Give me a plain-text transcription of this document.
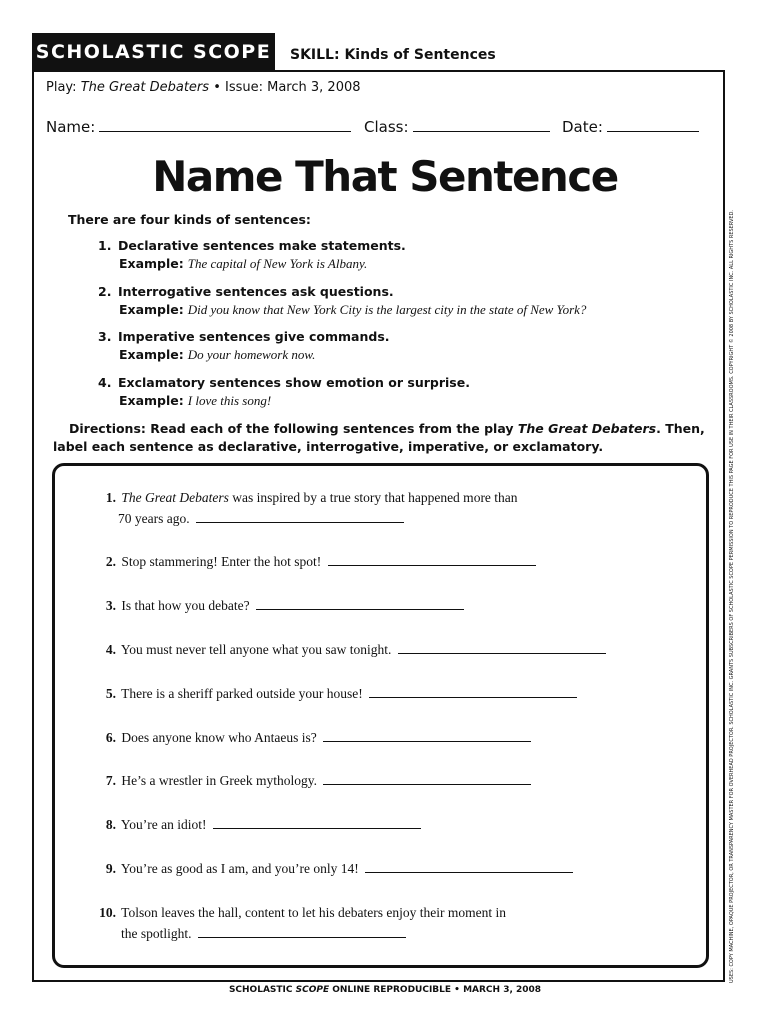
SCHOLASTIC SCOPE SKILL: Kinds of Sentences
Play: The Great Debaters • Issue: March 3, 2008
Name:	Class:	Date:
Name That Sentence
There are four kinds of sentences:
1. Declarative sentences make statements.
Example: The capital of New York is Albany.
2. Interrogative sentences ask questions.
Example: Did you know that New York City is the largest city in the state of New York?
3. Imperative sentences give commands.
Example: Do your homework now.
4. Exclamatory sentences show emotion or surprise.
Example: I love this song!
Directions: Read each of the following sentences from the play The Great Debaters. Then, label each sentence as declarative, interrogative, imperative, or exclamatory.
1. The Great Debaters was inspired by a true story that happened more than
70 years ago.
2. Stop stammering! Enter the hot spot!
3. Is that how you debate?
4. You must never tell anyone what you saw tonight.
5. There is a sheriff parked outside your house!
6. Does anyone know who Antaeus is?
7. He’s a wrestler in Greek mythology.
8. You’re an idiot!
9. You’re as good as I am, and you’re only 14!
10. Tolson leaves the hall, content to let his debaters enjoy their moment in
the spotlight.	USES: COPY MACHINE, OPAQUE PROJECTOR, OR TRANSPARENCY MASTER FOR OVERHEAD PROJECTOR. SCHOLASTIC INC. GRANTS SUBSCRIBERS OF SCHOLASTIC SCOPE PERMISSION TO REPRODUCE THIS PAGE FOR USE IN THEIR CLASSROOMS. COPYRIGHT © 2008 BY SCHOLASTIC INC. ALL RIGHTS RESERVED.
SCHOLASTIC SCOPE ONLINE REPRODUCIBLE • MARCH 3, 2008
